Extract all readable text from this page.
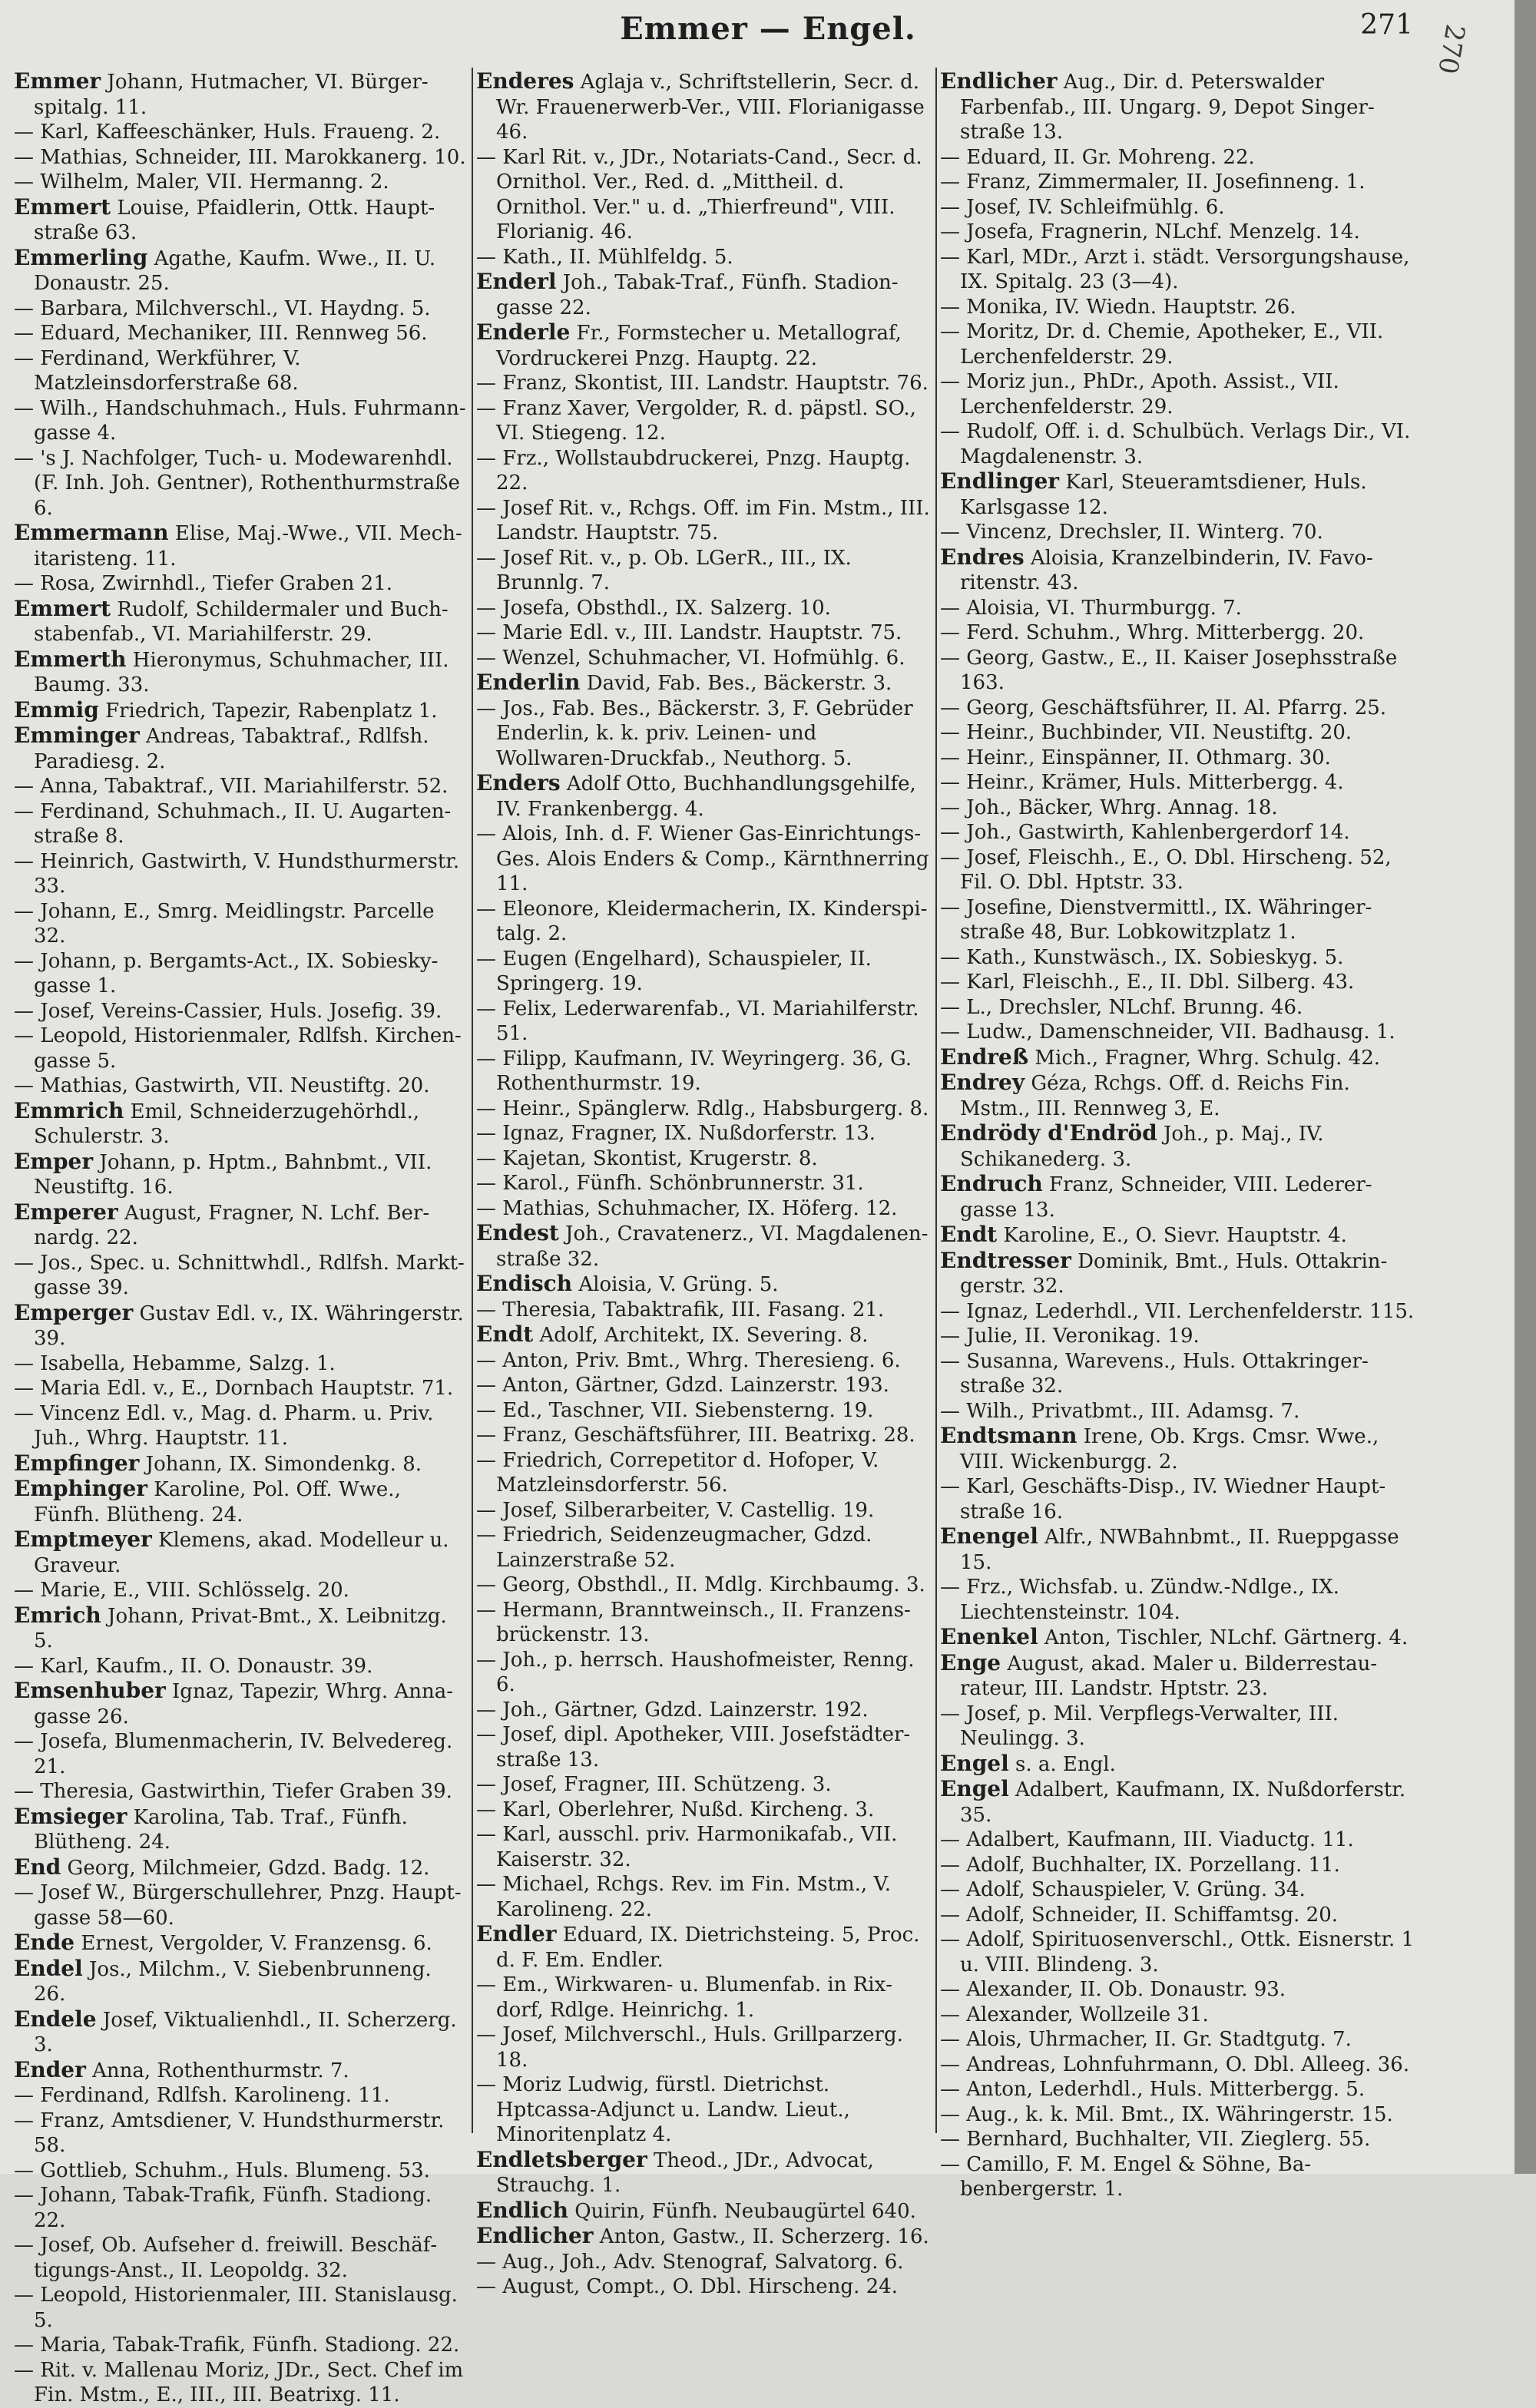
Emmer — Engel.	271 270

Emmer Johann, Hutmacher, VI. Bürgerspitalg. 11.

— Karl, Kaffeeschänker, Huls. Fraueng. 2.

— Mathias, Schneider, III. Marokkanerg. 10.

— Wilhelm, Maler, VII. Hermanng. 2.

Emmert Louise, Pfaidlerin, Ottk. Hauptstraße 63.

Emmerling Agathe, Kaufm. Wwe., II. U. Donaustr. 25.

— Barbara, Milchverschl., VI. Haydng. 5.

— Eduard, Mechaniker, III. Rennweg 56.

— Ferdinand, Werkführer, V. Matzleinsdorferstraße 68.

— Wilh., Handschuhmach., Huls. Fuhrmanngasse 4.

— 's J. Nachfolger, Tuch- u. Modewarenhdl. (F. Inh. Joh. Gentner), Rothenthurmstraße 6.

Emmermann Elise, Maj.-Wwe., VII. Mechitaristeng. 11.

— Rosa, Zwirnhdl., Tiefer Graben 21.

Emmert Rudolf, Schildermaler und Buchstabenfab., VI. Mariahilferstr. 29.

Emmerth Hieronymus, Schuhmacher, III. Baumg. 33.

Emmig Friedrich, Tapezir, Rabenplatz 1.

Emminger Andreas, Tabaktraf., Rdlfsh. Paradiesg. 2.

— Anna, Tabaktraf., VII. Mariahilferstr. 52.

— Ferdinand, Schuhmach., II. U. Augartenstraße 8.

— Heinrich, Gastwirth, V. Hundsthurmerstr. 33.

— Johann, E., Smrg. Meidlingstr. Parcelle 32.

— Johann, p. Bergamts-Act., IX. Sobieskygasse 1.

— Josef, Vereins-Cassier, Huls. Josefig. 39.

— Leopold, Historienmaler, Rdlfsh. Kirchengasse 5.

— Mathias, Gastwirth, VII. Neustiftg. 20.

Emmrich Emil, Schneiderzugehörhdl., Schulerstr. 3.

Emper Johann, p. Hptm., Bahnbmt., VII. Neustiftg. 16.

Emperer August, Fragner, N. Lchf. Bernardg. 22.

— Jos., Spec. u. Schnittwhdl., Rdlfsh. Marktgasse 39.

Emperger Gustav Edl. v., IX. Währingerstr. 39.

— Isabella, Hebamme, Salzg. 1.

— Maria Edl. v., E., Dornbach Hauptstr. 71.

— Vincenz Edl. v., Mag. d. Pharm. u. Priv. Juh., Whrg. Hauptstr. 11.

Empfinger Johann, IX. Simondenkg. 8.

Emphinger Karoline, Pol. Off. Wwe., Fünfh. Blütheng. 24.

Emptmeyer Klemens, akad. Modelleur u. Graveur.

— Marie, E., VIII. Schlösselg. 20.

Emrich Johann, Privat-Bmt., X. Leibnitzg. 5.

— Karl, Kaufm., II. O. Donaustr. 39.

Emsenhuber Ignaz, Tapezir, Whrg. Annagasse 26.

— Josefa, Blumenmacherin, IV. Belvedereg. 21.

— Theresia, Gastwirthin, Tiefer Graben 39.

Emsieger Karolina, Tab. Traf., Fünfh. Blütheng. 24.

End Georg, Milchmeier, Gdzd. Badg. 12.

— Josef W., Bürgerschullehrer, Pnzg. Hauptgasse 58—60.

Ende Ernest, Vergolder, V. Franzensg. 6.

Endel Jos., Milchm., V. Siebenbrunneng. 26.

Endele Josef, Viktualienhdl., II. Scherzerg. 3.

Ender Anna, Rothenthurmstr. 7.

— Ferdinand, Rdlfsh. Karolineng. 11.

— Franz, Amtsdiener, V. Hundsthurmerstr. 58.

— Gottlieb, Schuhm., Huls. Blumeng. 53.

— Johann, Tabak-Trafik, Fünfh. Stadiong. 22.

— Josef, Ob. Aufseher d. freiwill. Beschäftigungs-Anst., II. Leopoldg. 32.

— Leopold, Historienmaler, III. Stanislausg. 5.

— Maria, Tabak-Trafik, Fünfh. Stadiong. 22.

— Rit. v. Mallenau Moriz, JDr., Sect. Chef im Fin. Mstm., E., III., III. Beatrixg. 11.

Enderes Aglaja v., Schriftstellerin, Secr. d. Wr. Frauenerwerb-Ver., VIII. Florianigasse 46.

— Karl Rit. v., JDr., Notariats-Cand., Secr. d. Ornithol. Ver., Red. d. „Mittheil. d. Ornithol. Ver." u. d. „Thierfreund", VIII. Florianig. 46.

— Kath., II. Mühlfeldg. 5.

Enderl Joh., Tabak-Traf., Fünfh. Stadiongasse 22.

Enderle Fr., Formstecher u. Metallograf, Vordruckerei Pnzg. Hauptg. 22.

— Franz, Skontist, III. Landstr. Hauptstr. 76.

— Franz Xaver, Vergolder, R. d. päpstl. SO., VI. Stiegeng. 12.

— Frz., Wollstaubdruckerei, Pnzg. Hauptg. 22.

— Josef Rit. v., Rchgs. Off. im Fin. Mstm., III. Landstr. Hauptstr. 75.

— Josef Rit. v., p. Ob. LGerR., III., IX. Brunnlg. 7.

— Josefa, Obsthdl., IX. Salzerg. 10.

— Marie Edl. v., III. Landstr. Hauptstr. 75.

— Wenzel, Schuhmacher, VI. Hofmühlg. 6.

Enderlin David, Fab. Bes., Bäckerstr. 3.

— Jos., Fab. Bes., Bäckerstr. 3, F. Gebrüder Enderlin, k. k. priv. Leinen- und Wollwaren-Druckfab., Neuthorg. 5.

Enders Adolf Otto, Buchhandlungsgehilfe, IV. Frankenbergg. 4.

— Alois, Inh. d. F. Wiener Gas-Einrichtungs-Ges. Alois Enders & Comp., Kärnthnerring 11.

— Eleonore, Kleidermacherin, IX. Kinderspitalg. 2.

— Eugen (Engelhard), Schauspieler, II. Springerg. 19.

— Felix, Lederwarenfab., VI. Mariahilferstr. 51.

— Filipp, Kaufmann, IV. Weyringerg. 36, G. Rothenthurmstr. 19.

— Heinr., Spänglerw. Rdlg., Habsburgerg. 8.

— Ignaz, Fragner, IX. Nußdorferstr. 13.

— Kajetan, Skontist, Krugerstr. 8.

— Karol., Fünfh. Schönbrunnerstr. 31.

— Mathias, Schuhmacher, IX. Höferg. 12.

Endest Joh., Cravatenerz., VI. Magdalenenstraße 32.

Endisch Aloisia, V. Grüng. 5.

— Theresia, Tabaktrafik, III. Fasang. 21.

Endt Adolf, Architekt, IX. Severing. 8.

— Anton, Priv. Bmt., Whrg. Theresieng. 6.

— Anton, Gärtner, Gdzd. Lainzerstr. 193.

— Ed., Taschner, VII. Siebensterng. 19.

— Franz, Geschäftsführer, III. Beatrixg. 28.

— Friedrich, Correpetitor d. Hofoper, V. Matzleinsdorferstr. 56.

— Josef, Silberarbeiter, V. Castellig. 19.

— Friedrich, Seidenzeugmacher, Gdzd. Lainzerstraße 52.

— Georg, Obsthdl., II. Mdlg. Kirchbaumg. 3.

— Hermann, Branntweinsch., II. Franzensbrückenstr. 13.

— Joh., p. herrsch. Haushofmeister, Renng. 6.

— Joh., Gärtner, Gdzd. Lainzerstr. 192.

— Josef, dipl. Apotheker, VIII. Josefstädterstraße 13.

— Josef, Fragner, III. Schützeng. 3.

— Karl, Oberlehrer, Nußd. Kircheng. 3.

— Karl, ausschl. priv. Harmonikafab., VII. Kaiserstr. 32.

— Michael, Rchgs. Rev. im Fin. Mstm., V. Karolineng. 22.

Endler Eduard, IX. Dietrichsteing. 5, Proc. d. F. Em. Endler.

— Em., Wirkwaren- u. Blumenfab. in Rixdorf, Rdlge. Heinrichg. 1.

— Josef, Milchverschl., Huls. Grillparzerg. 18.

— Moriz Ludwig, fürstl. Dietrichst. Hptcassa-Adjunct u. Landw. Lieut., Minoritenplatz 4.

Endletsberger Theod., JDr., Advocat, Strauchg. 1.

Endlich Quirin, Fünfh. Neubaugürtel 640.

Endlicher Anton, Gastw., II. Scherzerg. 16.

— Aug., Joh., Adv. Stenograf, Salvatorg. 6.

— August, Compt., O. Dbl. Hirscheng. 24.

Endlicher Aug., Dir. d. Peterswalder Farbenfab., III. Ungarg. 9, Depot Singerstraße 13.

— Eduard, II. Gr. Mohreng. 22.

— Franz, Zimmermaler, II. Josefinneng. 1.

— Josef, IV. Schleifmühlg. 6.

— Josefa, Fragnerin, NLchf. Menzelg. 14.

— Karl, MDr., Arzt i. städt. Versorgungshause, IX. Spitalg. 23 (3—4).

— Monika, IV. Wiedn. Hauptstr. 26.

— Moritz, Dr. d. Chemie, Apotheker, E., VII. Lerchenfelderstr. 29.

— Moriz jun., PhDr., Apoth. Assist., VII. Lerchenfelderstr. 29.

— Rudolf, Off. i. d. Schulbüch. Verlags Dir., VI. Magdalenenstr. 3.

Endlinger Karl, Steueramtsdiener, Huls. Karlsgasse 12.

— Vincenz, Drechsler, II. Winterg. 70.

Endres Aloisia, Kranzelbinderin, IV. Favoritenstr. 43.

— Aloisia, VI. Thurmburgg. 7.

— Ferd. Schuhm., Whrg. Mitterbergg. 20.

— Georg, Gastw., E., II. Kaiser Josephsstraße 163.

— Georg, Geschäftsführer, II. Al. Pfarrg. 25.

— Heinr., Buchbinder, VII. Neustiftg. 20.

— Heinr., Einspänner, II. Othmarg. 30.

— Heinr., Krämer, Huls. Mitterbergg. 4.

— Joh., Bäcker, Whrg. Annag. 18.

— Joh., Gastwirth, Kahlenbergerdorf 14.

— Josef, Fleischh., E., O. Dbl. Hirscheng. 52, Fil. O. Dbl. Hptstr. 33.

— Josefine, Dienstvermittl., IX. Währingerstraße 48, Bur. Lobkowitzplatz 1.

— Kath., Kunstwäsch., IX. Sobieskyg. 5.

— Karl, Fleischh., E., II. Dbl. Silberg. 43.

— L., Drechsler, NLchf. Brunng. 46.

— Ludw., Damenschneider, VII. Badhausg. 1.

Endreß Mich., Fragner, Whrg. Schulg. 42.

Endrey Géza, Rchgs. Off. d. Reichs Fin. Mstm., III. Rennweg 3, E.

Endrödy d'Endröd Joh., p. Maj., IV. Schikanederg. 3.

Endruch Franz, Schneider, VIII. Lederergasse 13.

Endt Karoline, E., O. Sievr. Hauptstr. 4.

Endtresser Dominik, Bmt., Huls. Ottakringerstr. 32.

— Ignaz, Lederhdl., VII. Lerchenfelderstr. 115.

— Julie, II. Veronikag. 19.

— Susanna, Warevens., Huls. Ottakringerstraße 32.

— Wilh., Privatbmt., III. Adamsg. 7.

Endtsmann Irene, Ob. Krgs. Cmsr. Wwe., VIII. Wickenburgg. 2.

— Karl, Geschäfts-Disp., IV. Wiedner Hauptstraße 16.

Enengel Alfr., NWBahnbmt., II. Rueppgasse 15.

— Frz., Wichsfab. u. Zündw.-Ndlge., IX. Liechtensteinstr. 104.

Enenkel Anton, Tischler, NLchf. Gärtnerg. 4.

Enge August, akad. Maler u. Bilderrestaurateur, III. Landstr. Hptstr. 23.

— Josef, p. Mil. Verpflegs-Verwalter, III. Neulingg. 3.

Engel s. a. Engl.

Engel Adalbert, Kaufmann, IX. Nußdorferstr. 35.

— Adalbert, Kaufmann, III. Viaductg. 11.

— Adolf, Buchhalter, IX. Porzellang. 11.

— Adolf, Schauspieler, V. Grüng. 34.

— Adolf, Schneider, II. Schiffamtsg. 20.

— Adolf, Spirituosenverschl., Ottk. Eisnerstr. 1 u. VIII. Blindeng. 3.

— Alexander, II. Ob. Donaustr. 93.

— Alexander, Wollzeile 31.

— Alois, Uhrmacher, II. Gr. Stadtgutg. 7.

— Andreas, Lohnfuhrmann, O. Dbl. Alleeg. 36.

— Anton, Lederhdl., Huls. Mitterbergg. 5.

— Aug., k. k. Mil. Bmt., IX. Währingerstr. 15.

— Bernhard, Buchhalter, VII. Zieglerg. 55.

— Camillo, F. M. Engel & Söhne, Babenbergerstr. 1.
